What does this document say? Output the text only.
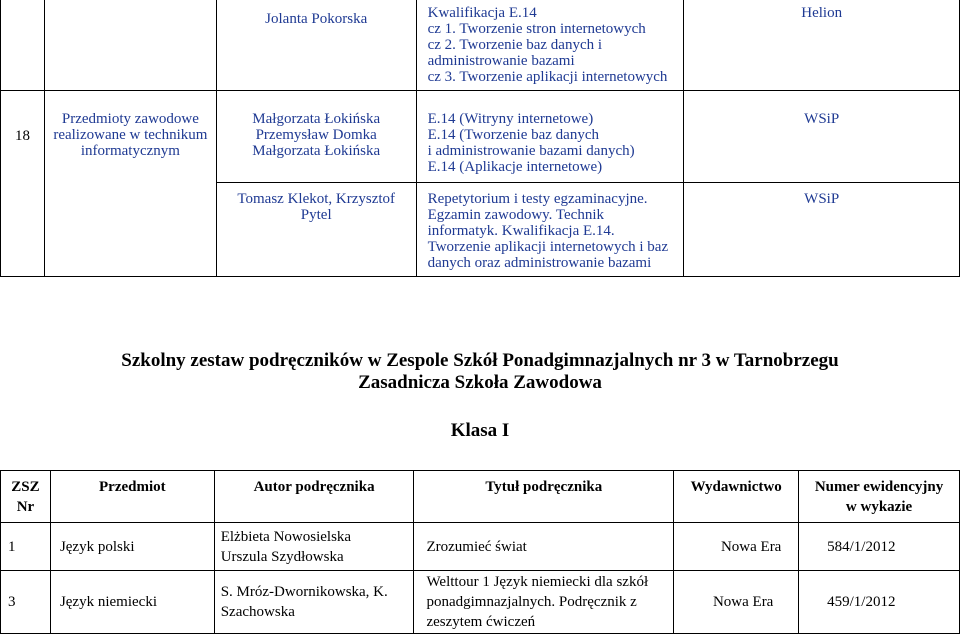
		Jolanta Pokorska	Kwalifikacja E.14
cz 1. Tworzenie stron internetowych
cz 2. Tworzenie baz danych i
administrowanie bazami
cz 3. Tworzenie aplikacji internetowych	Helion
18	Przedmioty zawodowe
realizowane w technikum
informatycznym	Małgorzata Łokińska
Przemysław Domka
Małgorzata Łokińska	E.14 (Witryny internetowe)
E.14 (Tworzenie baz danych
i administrowanie bazami danych)
E.14 (Aplikacje internetowe)	WSiP

		Tomasz Klekot, Krzysztof
Pytel	Repetytorium i testy egzaminacyjne.
Egzamin zawodowy. Technik
informatyk. Kwalifikacja E.14.
Tworzenie aplikacji internetowych i baz
danych oraz administrowanie bazami	WSiP
Szkolny zestaw podręczników w Zespole Szkół Ponadgimnazjalnych nr 3 w Tarnobrzegu
Zasadnicza Szkoła Zawodowa
Klasa I
ZSZ
Nr	Przedmiot	Autor podręcznika	Tytuł podręcznika	Wydawnictwo	Numer ewidencyjny
w wykazie

1	Język polski	Elżbieta Nowosielska
Urszula Szydłowska	Zrozumieć świat	Nowa Era	584/1/2012
3	Język niemiecki	S. Mróz-Dwornikowska, K.
Szachowska	Welttour 1 Język niemiecki dla szkół
ponadgimnazjalnych. Podręcznik z
zeszytem ćwiczeń	Nowa Era	459/1/2012
